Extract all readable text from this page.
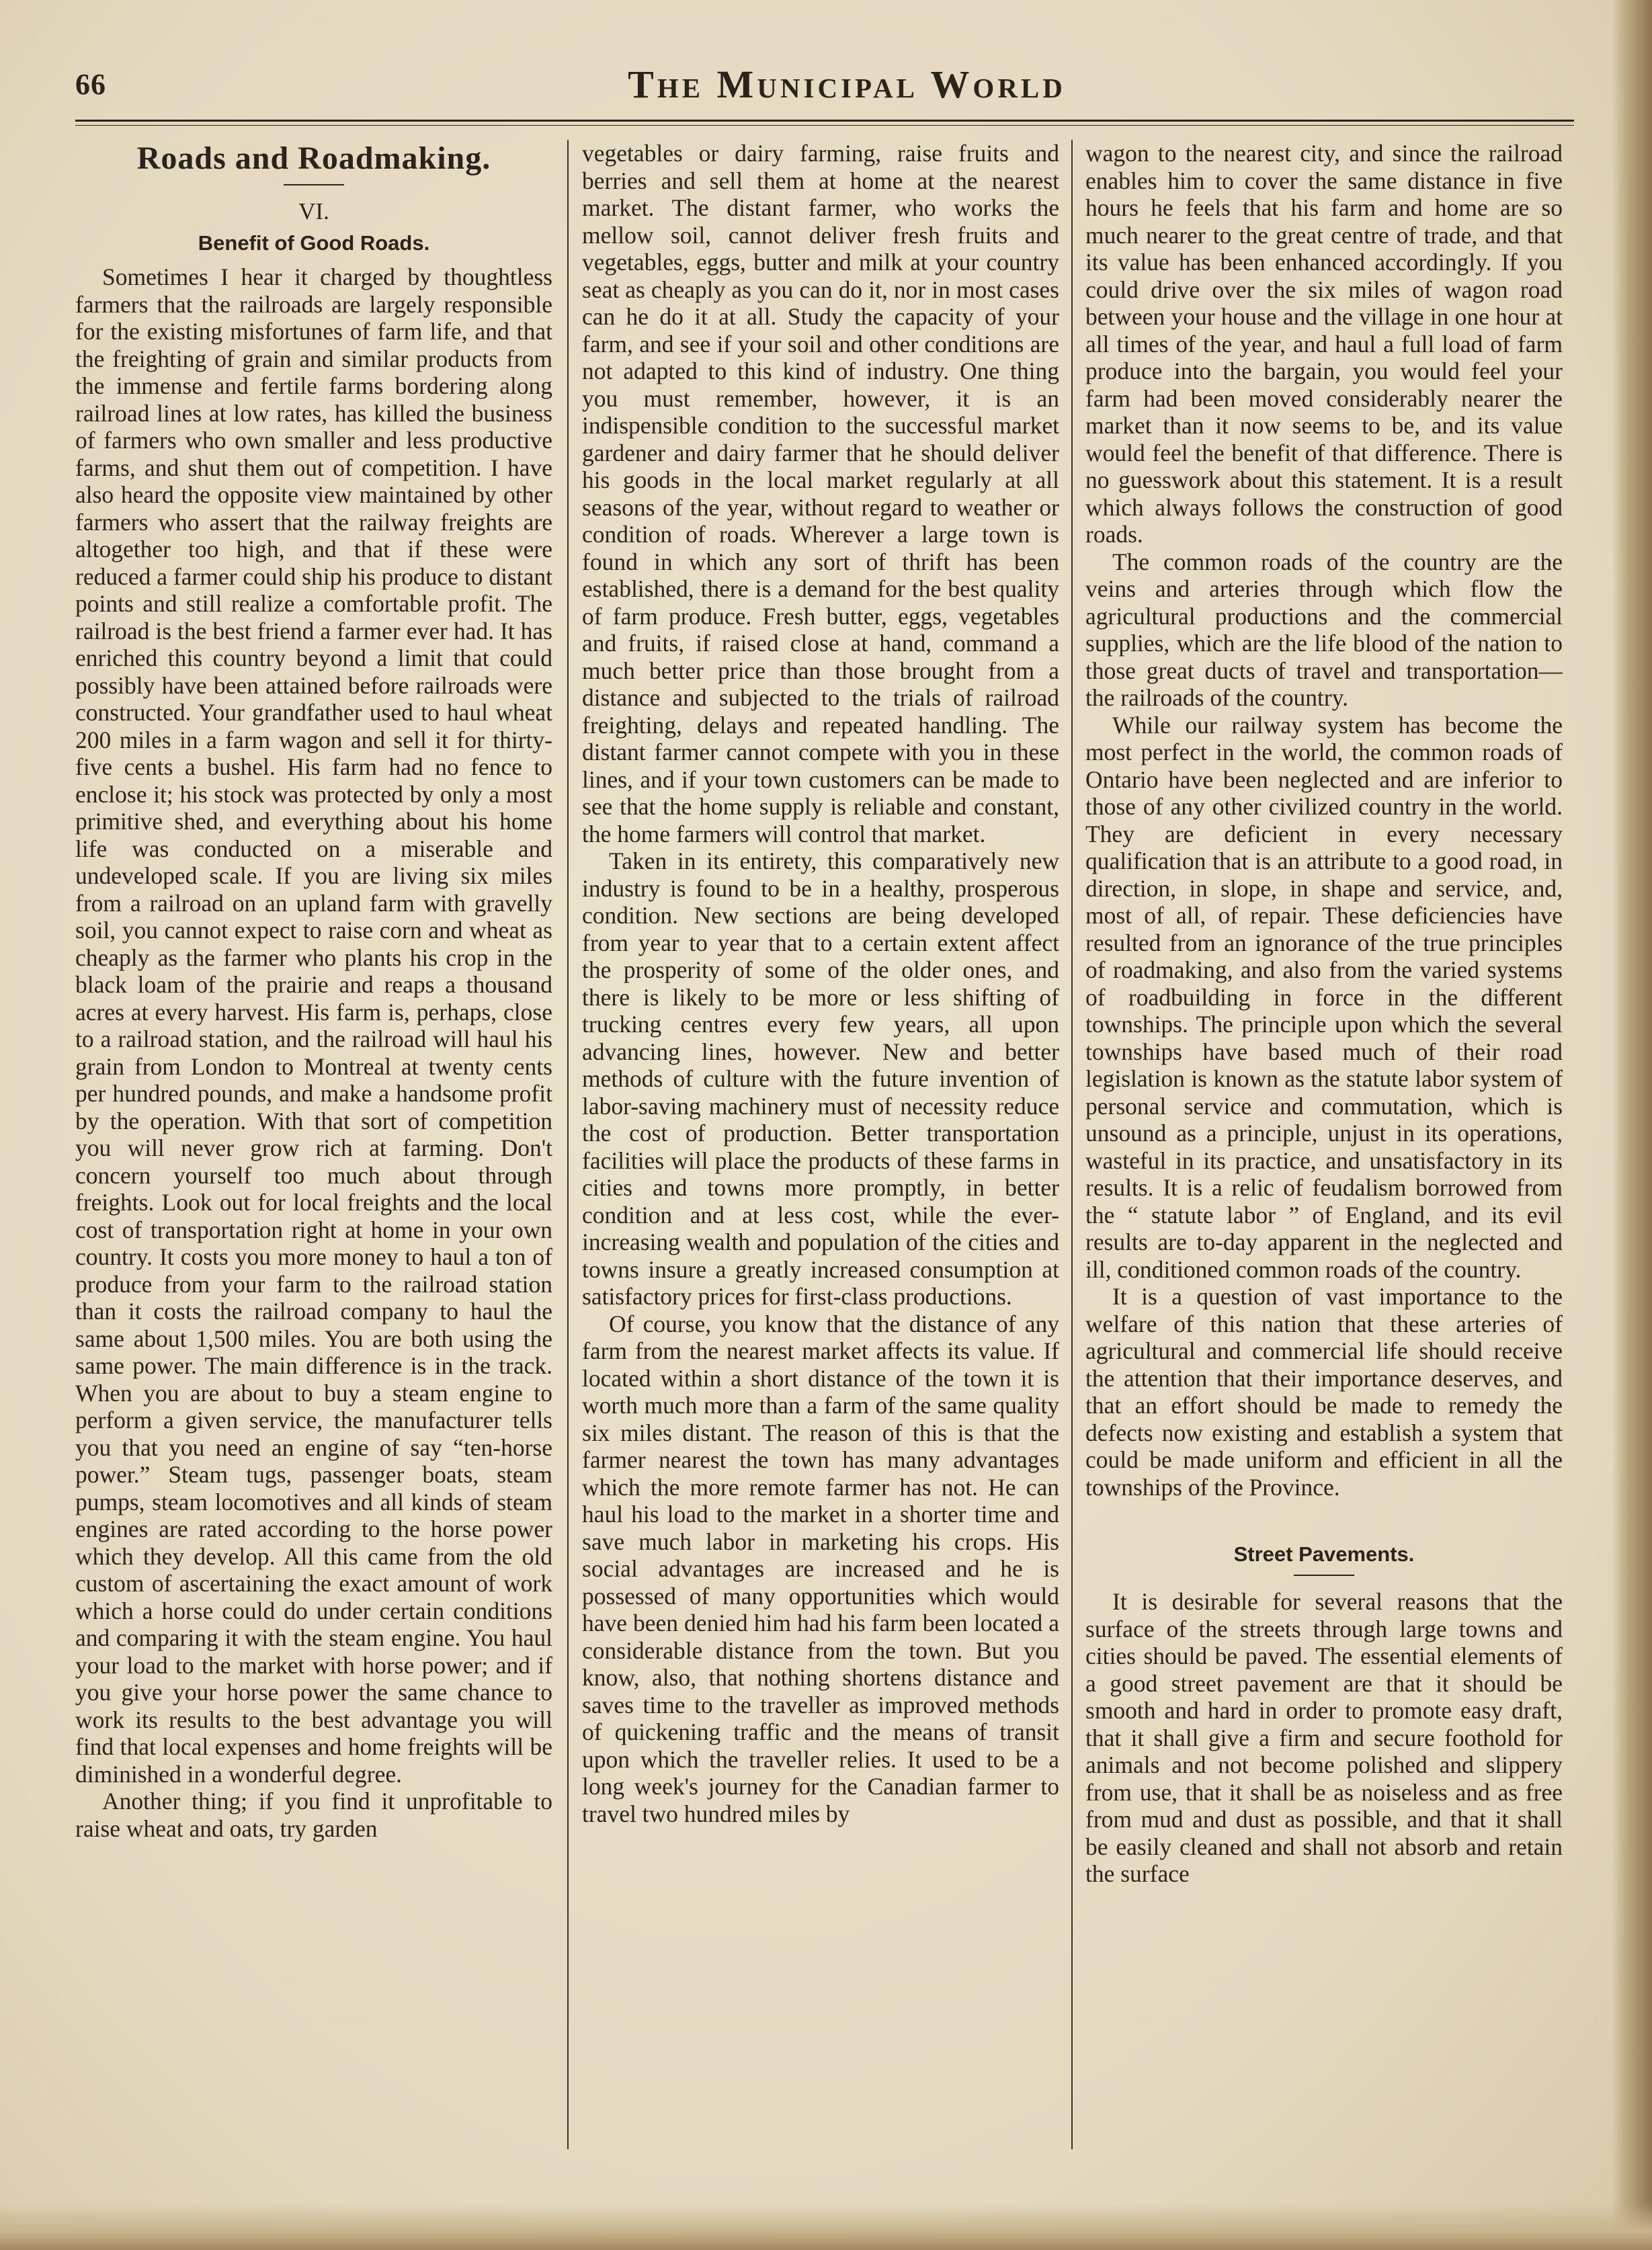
66	The Municipal World
Roads and Roadmaking.
VI.
Benefit of Good Roads.

Sometimes I hear it charged by thoughtless farmers that the railroads are largely responsible for the existing misfortunes of farm life, and that the freighting of grain and similar products from the immense and fertile farms bordering along railroad lines at low rates, has killed the business of farmers who own smaller and less productive farms, and shut them out of competition. I have also heard the opposite view maintained by other farmers who assert that the railway freights are altogether too high, and that if these were reduced a farmer could ship his produce to distant points and still realize a comfortable profit. The railroad is the best friend a farmer ever had. It has enriched this country beyond a limit that could possibly have been attained before railroads were constructed. Your grandfather used to haul wheat 200 miles in a farm wagon and sell it for thirty-five cents a bushel. His farm had no fence to enclose it; his stock was protected by only a most primitive shed, and everything about his home life was conducted on a miserable and undeveloped scale. If you are living six miles from a railroad on an upland farm with gravelly soil, you cannot expect to raise corn and wheat as cheaply as the farmer who plants his crop in the black loam of the prairie and reaps a thousand acres at every harvest. His farm is, perhaps, close to a railroad station, and the railroad will haul his grain from London to Montreal at twenty cents per hundred pounds, and make a handsome profit by the operation. With that sort of competition you will never grow rich at farming. Don't concern yourself too much about through freights. Look out for local freights and the local cost of transportation right at home in your own country. It costs you more money to haul a ton of produce from your farm to the railroad station than it costs the railroad company to haul the same about 1,500 miles. You are both using the same power. The main difference is in the track. When you are about to buy a steam engine to perform a given service, the manufacturer tells you that you need an engine of say “ten-horse power.” Steam tugs, passenger boats, steam pumps, steam locomotives and all kinds of steam engines are rated according to the horse power which they develop. All this came from the old custom of ascertaining the exact amount of work which a horse could do under certain conditions and comparing it with the steam engine. You haul your load to the market with horse power; and if you give your horse power the same chance to work its results to the best advantage you will find that local expenses and home freights will be diminished in a wonderful degree.

Another thing; if you find it unprofitable to raise wheat and oats, try garden

vegetables or dairy farming, raise fruits and berries and sell them at home at the nearest market. The distant farmer, who works the mellow soil, cannot deliver fresh fruits and vegetables, eggs, butter and milk at your country seat as cheaply as you can do it, nor in most cases can he do it at all. Study the capacity of your farm, and see if your soil and other conditions are not adapted to this kind of industry. One thing you must remember, however, it is an indispensible condition to the successful market gardener and dairy farmer that he should deliver his goods in the local market regularly at all seasons of the year, without regard to weather or condition of roads. Wherever a large town is found in which any sort of thrift has been established, there is a demand for the best quality of farm produce. Fresh butter, eggs, vegetables and fruits, if raised close at hand, command a much better price than those brought from a distance and subjected to the trials of railroad freighting, delays and repeated handling. The distant farmer cannot compete with you in these lines, and if your town customers can be made to see that the home supply is reliable and constant, the home farmers will control that market.

Taken in its entirety, this comparatively new industry is found to be in a healthy, prosperous condition. New sections are being developed from year to year that to a certain extent affect the prosperity of some of the older ones, and there is likely to be more or less shifting of trucking centres every few years, all upon advancing lines, however. New and better methods of culture with the future invention of labor-saving machinery must of necessity reduce the cost of production. Better transportation facilities will place the products of these farms in cities and towns more promptly, in better condition and at less cost, while the ever-increasing wealth and population of the cities and towns insure a greatly increased consumption at satisfactory prices for first-class productions.

Of course, you know that the distance of any farm from the nearest market affects its value. If located within a short distance of the town it is worth much more than a farm of the same quality six miles distant. The reason of this is that the farmer nearest the town has many advantages which the more remote farmer has not. He can haul his load to the market in a shorter time and save much labor in marketing his crops. His social advantages are increased and he is possessed of many opportunities which would have been denied him had his farm been located a considerable distance from the town. But you know, also, that nothing shortens distance and saves time to the traveller as improved methods of quickening traffic and the means of transit upon which the traveller relies. It used to be a long week's journey for the Canadian farmer to travel two hundred miles by

wagon to the nearest city, and since the railroad enables him to cover the same distance in five hours he feels that his farm and home are so much nearer to the great centre of trade, and that its value has been enhanced accordingly. If you could drive over the six miles of wagon road between your house and the village in one hour at all times of the year, and haul a full load of farm produce into the bargain, you would feel your farm had been moved considerably nearer the market than it now seems to be, and its value would feel the benefit of that difference. There is no guesswork about this statement. It is a result which always follows the construction of good roads.

The common roads of the country are the veins and arteries through which flow the agricultural productions and the commercial supplies, which are the life blood of the nation to those great ducts of travel and transportation—the railroads of the country.

While our railway system has become the most perfect in the world, the common roads of Ontario have been neglected and are inferior to those of any other civilized country in the world. They are deficient in every necessary qualification that is an attribute to a good road, in direction, in slope, in shape and service, and, most of all, of repair. These deficiencies have resulted from an ignorance of the true principles of roadmaking, and also from the varied systems of roadbuilding in force in the different townships. The principle upon which the several townships have based much of their road legislation is known as the statute labor system of personal service and commutation, which is unsound as a principle, unjust in its operations, wasteful in its practice, and unsatisfactory in its results. It is a relic of feudalism borrowed from the “ statute labor ” of England, and its evil results are to-day apparent in the neglected and ill, conditioned common roads of the country.

It is a question of vast importance to the welfare of this nation that these arteries of agricultural and commercial life should receive the attention that their importance deserves, and that an effort should be made to remedy the defects now existing and establish a system that could be made uniform and efficient in all the townships of the Province.

Street Pavements.

It is desirable for several reasons that the surface of the streets through large towns and cities should be paved. The essential elements of a good street pavement are that it should be smooth and hard in order to promote easy draft, that it shall give a firm and secure foothold for animals and not become polished and slippery from use, that it shall be as noiseless and as free from mud and dust as possible, and that it shall be easily cleaned and shall not absorb and retain the surface
